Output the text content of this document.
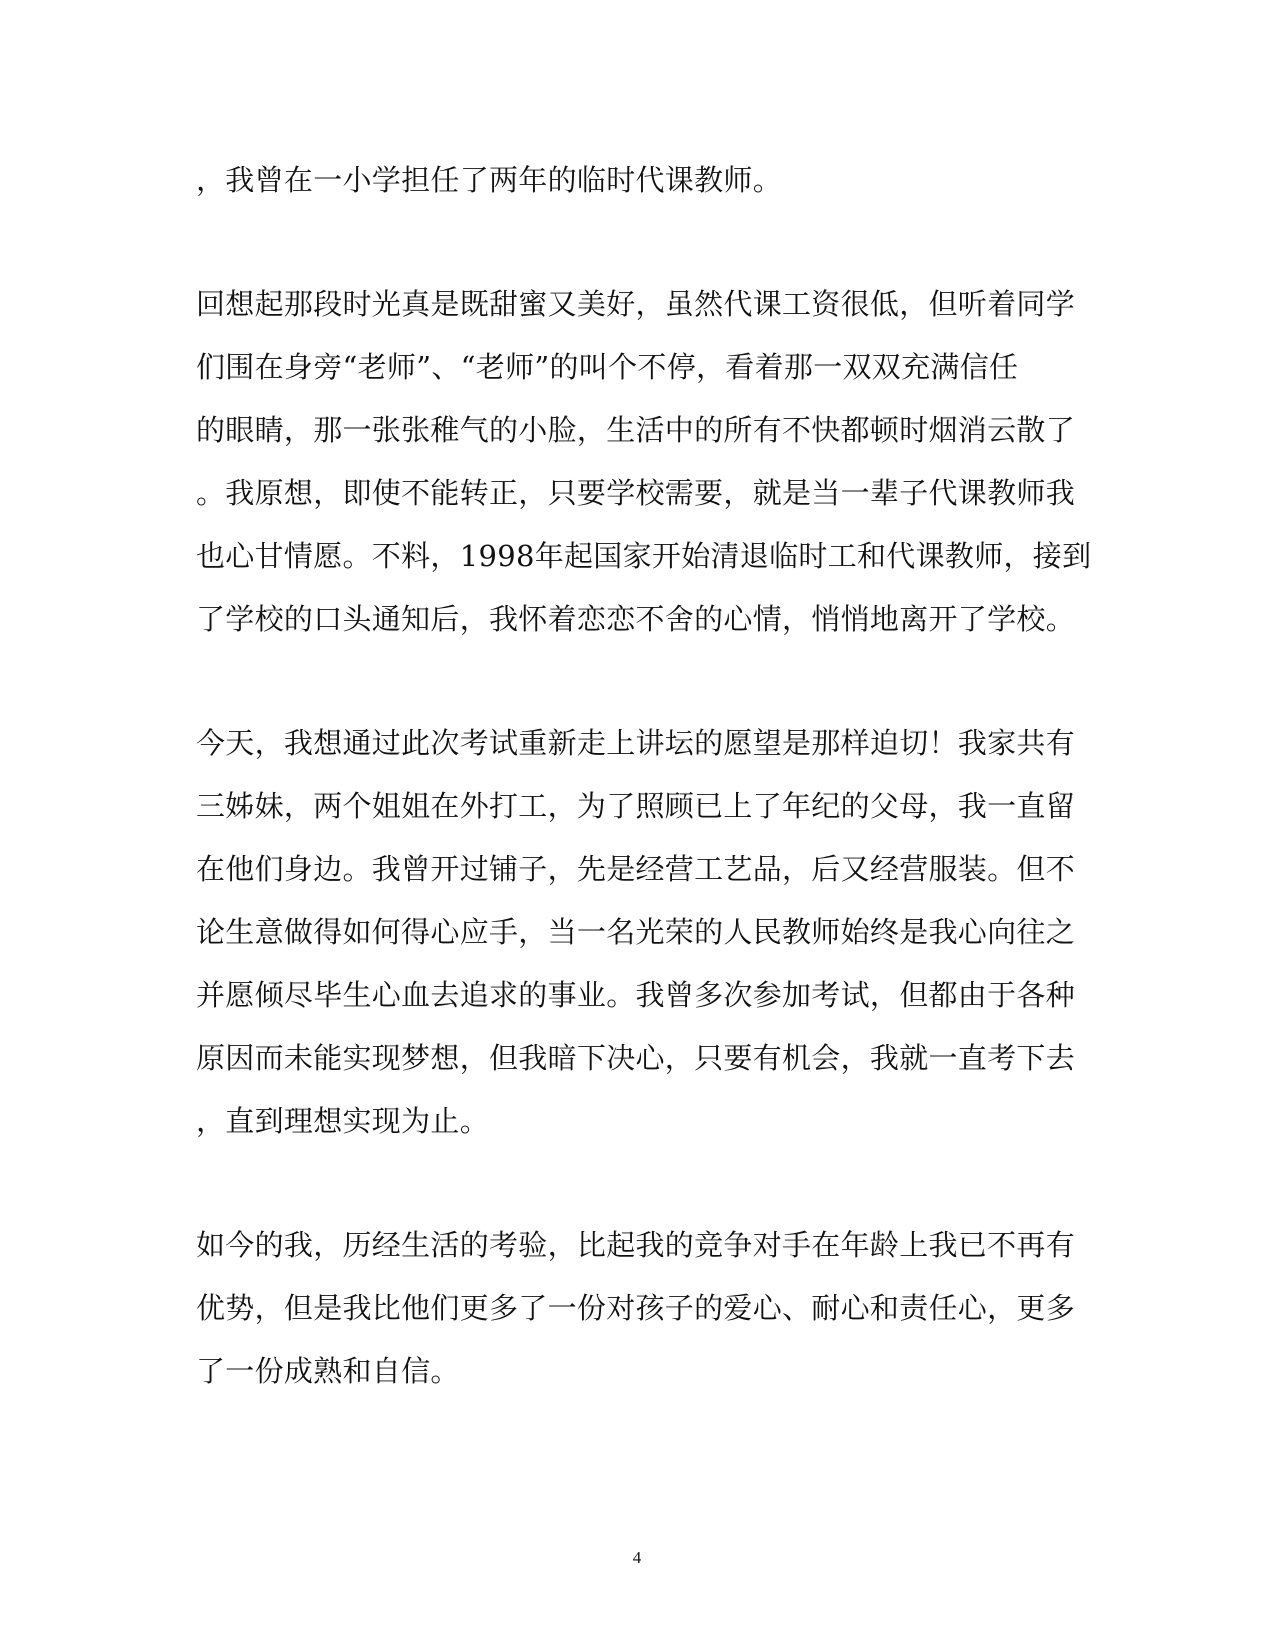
，我曾在一小学担任了两年的临时代课教师。
回想起那段时光真是既甜蜜又美好，虽然代课工资很低，但听着同学
们围在身旁“老师”、“老师”的叫个不停，看着那一双双充满信任
的眼睛，那一张张稚气的小脸，生活中的所有不快都顿时烟消云散了
。我原想，即使不能转正，只要学校需要，就是当一辈子代课教师我
也心甘情愿。不料，1998年起国家开始清退临时工和代课教师，接到
了学校的口头通知后，我怀着恋恋不舍的心情，悄悄地离开了学校。
今天，我想通过此次考试重新走上讲坛的愿望是那样迫切！我家共有
三姊妹，两个姐姐在外打工，为了照顾已上了年纪的父母，我一直留
在他们身边。我曾开过铺子，先是经营工艺品，后又经营服装。但不
论生意做得如何得心应手，当一名光荣的人民教师始终是我心向往之
并愿倾尽毕生心血去追求的事业。我曾多次参加考试，但都由于各种
原因而未能实现梦想，但我暗下决心，只要有机会，我就一直考下去
，直到理想实现为止。
如今的我，历经生活的考验，比起我的竞争对手在年龄上我已不再有
优势，但是我比他们更多了一份对孩子的爱心、耐心和责任心，更多
了一份成熟和自信。
4
